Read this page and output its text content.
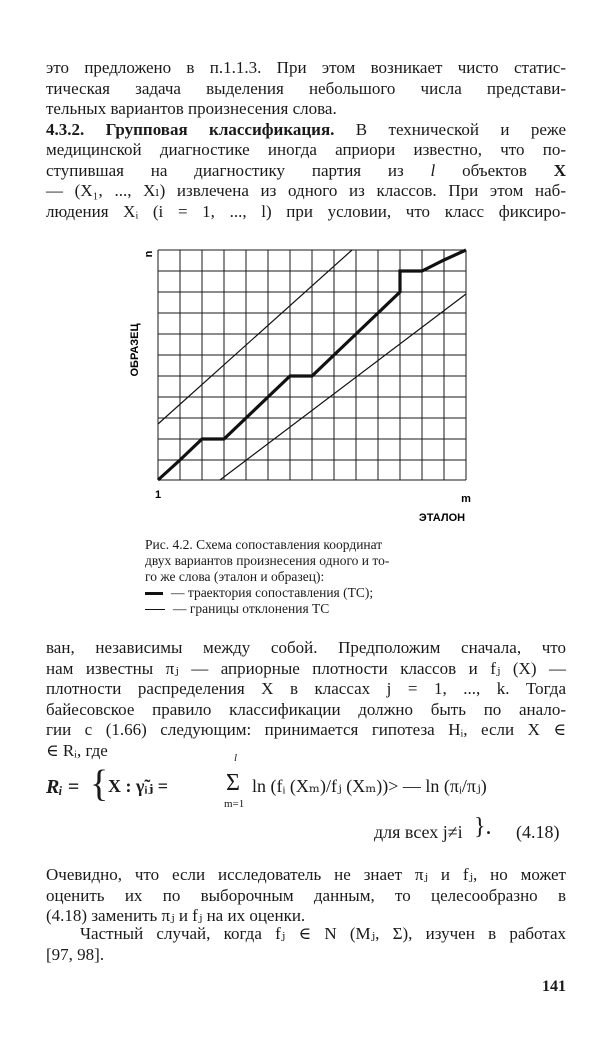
это предложено в п.1.1.3. При этом возникает чисто статис-
тическая задача выделения небольшого числа представи-
тельных вариантов произнесения слова.
4.3.2. Групповая классификация. В технической и реже
медицинской диагностике иногда априори известно, что по-
ступившая на диагностику партия из l объектов X
— (X₁, ..., Xₗ) извлечена из одного из классов. При этом наб-
людения Xᵢ (i = 1, ..., l) при условии, что класс фиксиро-
ОБРАЗЕЦ
n
1	m
ЭТАЛОН
Рис. 4.2. Схема сопоставления координат
двух вариантов произнесения одного и то-
го же слова (эталон и образец):
— траектория сопоставления (ТС);
— границы отклонения ТС
ван, независимы между собой. Предположим сначала, что
нам известны πⱼ — априорные плотности классов и fⱼ (X) —
плотности распределения X в классах j = 1, ..., k. Тогда
байесовское правило классификации должно быть по анало-
гии с (1.66) следующим: принимается гипотеза Hᵢ, если X ∈
∈ Rᵢ, где
Rᵢ = { X : γ̃ᵢⱼ =
l
Σ
m=1
ln (fᵢ (Xₘ)/fⱼ (Xₘ))> — ln (πᵢ/πⱼ)
для всех j≠i }. (4.18)
Очевидно, что если исследователь не знает πⱼ и fⱼ, но может
оценить их по выборочным данным, то целесообразно в
(4.18) заменить πⱼ и fⱼ на их оценки.
Частный случай, когда fⱼ ∈ N (Mⱼ, Σ), изучен в работах
[97, 98].
141
